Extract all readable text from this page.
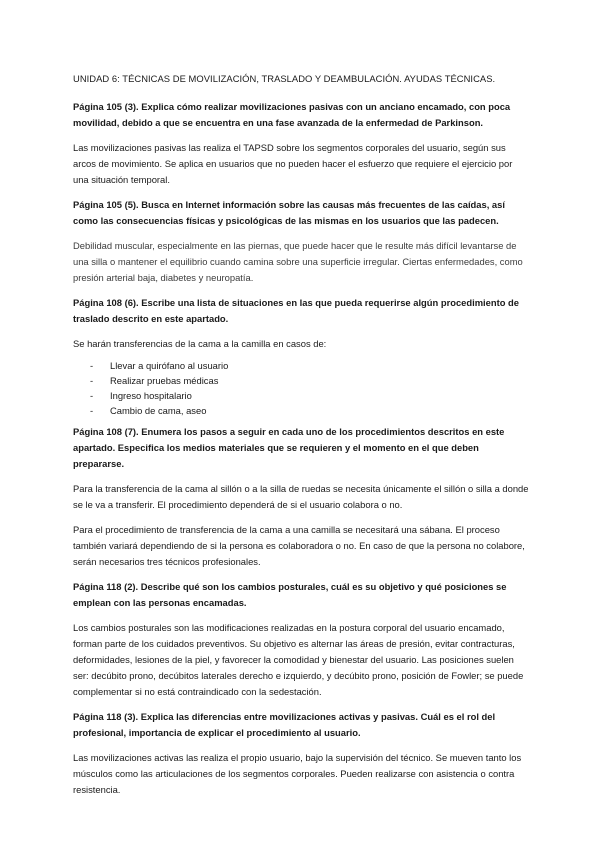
UNIDAD 6: TÉCNICAS DE MOVILIZACIÓN, TRASLADO Y DEAMBULACIÓN. AYUDAS TÉCNICAS.

Página 105 (3). Explica cómo realizar movilizaciones pasivas con un anciano encamado, con poca movilidad, debido a que se encuentra en una fase avanzada de la enfermedad de Parkinson.

Las movilizaciones pasivas las realiza el TAPSD sobre los segmentos corporales del usuario, según sus arcos de movimiento. Se aplica en usuarios que no pueden hacer el esfuerzo que requiere el ejercicio por una situación temporal.

Página 105 (5). Busca en Internet información sobre las causas más frecuentes de las caídas, así como las consecuencias físicas y psicológicas de las mismas en los usuarios que las padecen.

Debilidad muscular, especialmente en las piernas, que puede hacer que le resulte más difícil levantarse de una silla o mantener el equilibrio cuando camina sobre una superficie irregular. Ciertas enfermedades, como presión arterial baja, diabetes y neuropatía.

Página 108 (6). Escribe una lista de situaciones en las que pueda requerirse algún procedimiento de traslado descrito en este apartado.

Se harán transferencias de la cama a la camilla en casos de:

- Llevar a quirófano al usuario
- Realizar pruebas médicas
- Ingreso hospitalario
- Cambio de cama, aseo

Página 108 (7). Enumera los pasos a seguir en cada uno de los procedimientos descritos en este apartado. Especifica los medios materiales que se requieren y el momento en el que deben prepararse.

Para la transferencia de la cama al sillón o a la silla de ruedas se necesita únicamente el sillón o silla a donde se le va a transferir. El procedimiento dependerá de si el usuario colabora o no.

Para el procedimiento de transferencia de la cama a una camilla se necesitará una sábana. El proceso también variará dependiendo de si la persona es colaboradora o no. En caso de que la persona no colabore, serán necesarios tres técnicos profesionales.

Página 118 (2). Describe qué son los cambios posturales, cuál es su objetivo y qué posiciones se emplean con las personas encamadas.

Los cambios posturales son las modificaciones realizadas en la postura corporal del usuario encamado, forman parte de los cuidados preventivos. Su objetivo es alternar las áreas de presión, evitar contracturas, deformidades, lesiones de la piel, y favorecer la comodidad y bienestar del usuario. Las posiciones suelen ser: decúbito prono, decúbitos laterales derecho e izquierdo, y decúbito prono, posición de Fowler; se puede complementar si no está contraindicado con la sedestación.

Página 118 (3). Explica las diferencias entre movilizaciones activas y pasivas. Cuál es el rol del profesional, importancia de explicar el procedimiento al usuario.

Las movilizaciones activas las realiza el propio usuario, bajo la supervisión del técnico. Se mueven tanto los músculos como las articulaciones de los segmentos corporales. Pueden realizarse con asistencia o contra resistencia.
